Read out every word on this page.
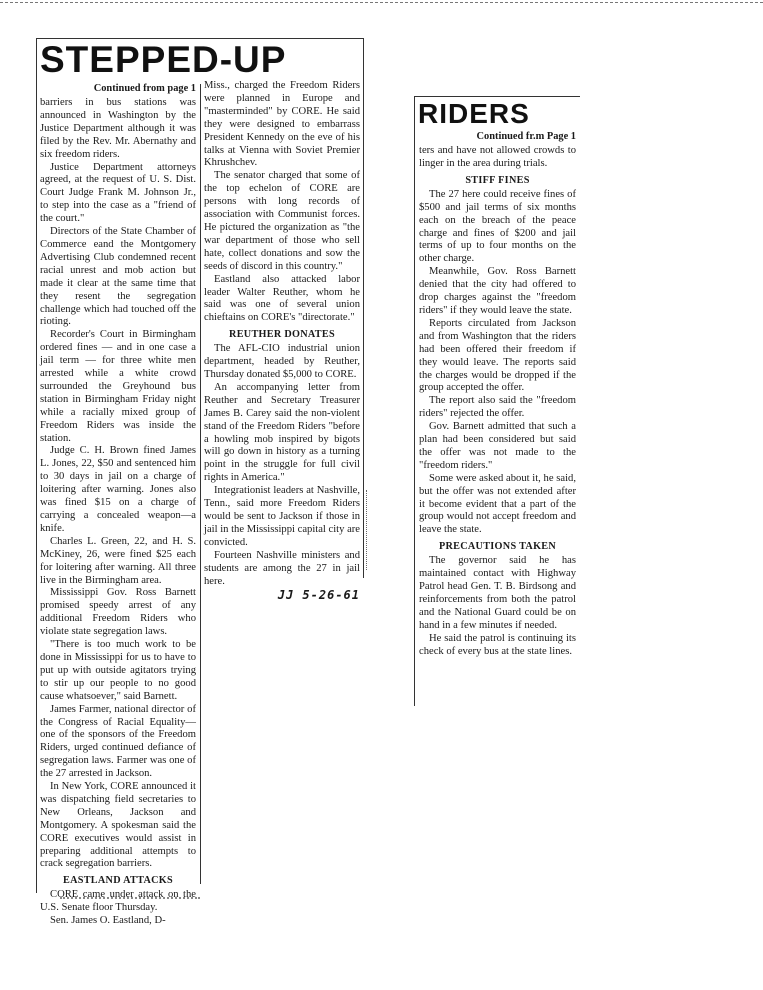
STEPPED-UP
Continued from page 1

barriers in bus stations was announced in Washington by the Justice Department although it was filed by the Rev. Mr. Abernathy and six freedom riders.

Justice Department attorneys agreed, at the request of U. S. Dist. Court Judge Frank M. Johnson Jr., to step into the case as a "friend of the court."

Directors of the State Chamber of Commerce eand the Montgomery Advertising Club condemned recent racial unrest and mob action but made it clear at the same time that they resent the segregation challenge which had touched off the rioting.

Recorder's Court in Birmingham ordered fines — and in one case a jail term — for three white men arrested while a white crowd surrounded the Greyhound bus station in Birmingham Friday night while a racially mixed group of Freedom Riders was inside the station.

Judge C. H. Brown fined James L. Jones, 22, $50 and sentenced him to 30 days in jail on a charge of loitering after warning. Jones also was fined $15 on a charge of carrying a concealed weapon—a knife.

Charles L. Green, 22, and H. S. McKiney, 26, were fined $25 each for loitering after warning. All three live in the Birmingham area.

Mississippi Gov. Ross Barnett promised speedy arrest of any additional Freedom Riders who violate state segregation laws.

"There is too much work to be done in Mississippi for us to have to put up with outside agitators trying to stir up our people to no good cause whatsoever," said Barnett.

James Farmer, national director of the Congress of Racial Equality—one of the sponsors of the Freedom Riders, urged continued defiance of segregation laws. Farmer was one of the 27 arrested in Jackson.

In New York, CORE announced it was dispatching field secretaries to New Orleans, Jackson and Montgomery. A spokesman said the CORE executives would assist in preparing additional attempts to crack segregation barriers.

EASTLAND ATTACKS

CORE came under attack on the U.S. Senate floor Thursday.

Sen. James O. Eastland, D-

Miss., charged the Freedom Riders were planned in Europe and "masterminded" by CORE. He said they were designed to embarrass President Kennedy on the eve of his talks at Vienna with Soviet Premier Khrushchev.

The senator charged that some of the top echelon of CORE are persons with long records of association with Communist forces. He pictured the organization as "the war department of those who sell hate, collect donations and sow the seeds of discord in this country."

Eastland also attacked labor leader Walter Reuther, whom he said was one of several union chieftains on CORE's "directorate."

REUTHER DONATES

The AFL-CIO industrial union department, headed by Reuther, Thursday donated $5,000 to CORE.

An accompanying letter from Reuther and Secretary Treasurer James B. Carey said the non-violent stand of the Freedom Riders "before a howling mob inspired by bigots will go down in history as a turning point in the struggle for full civil rights in America."

Integrationist leaders at Nashville, Tenn., said more Freedom Riders would be sent to Jackson if those in jail in the Mississippi capital city are convicted.

Fourteen Nashville ministers and students are among the 27 in jail here.

JJ 5-26-61
RIDERS
Continued fr.m Page 1

ters and have not allowed crowds to linger in the area during trials.

STIFF FINES

The 27 here could receive fines of $500 and jail terms of six months each on the breach of the peace charge and fines of $200 and jail terms of up to four months on the other charge.

Meanwhile, Gov. Ross Barnett denied that the city had offered to drop charges against the "freedom riders" if they would leave the state.

Reports circulated from Jackson and from Washington that the riders had been offered their freedom if they would leave. The reports said the charges would be dropped if the group accepted the offer.

The report also said the "freedom riders" rejected the offer.

Gov. Barnett admitted that such a plan had been considered but said the offer was not made to the "freedom riders."

Some were asked about it, he said, but the offer was not extended after it become evident that a part of the group would not accept freedom and leave the state.

PRECAUTIONS TAKEN

The governor said he has maintained contact with Highway Patrol head Gen. T. B. Birdsong and reinforcements from both the patrol and the National Guard could be on hand in a few minutes if needed.

He said the patrol is continuing its check of every bus at the state lines.
